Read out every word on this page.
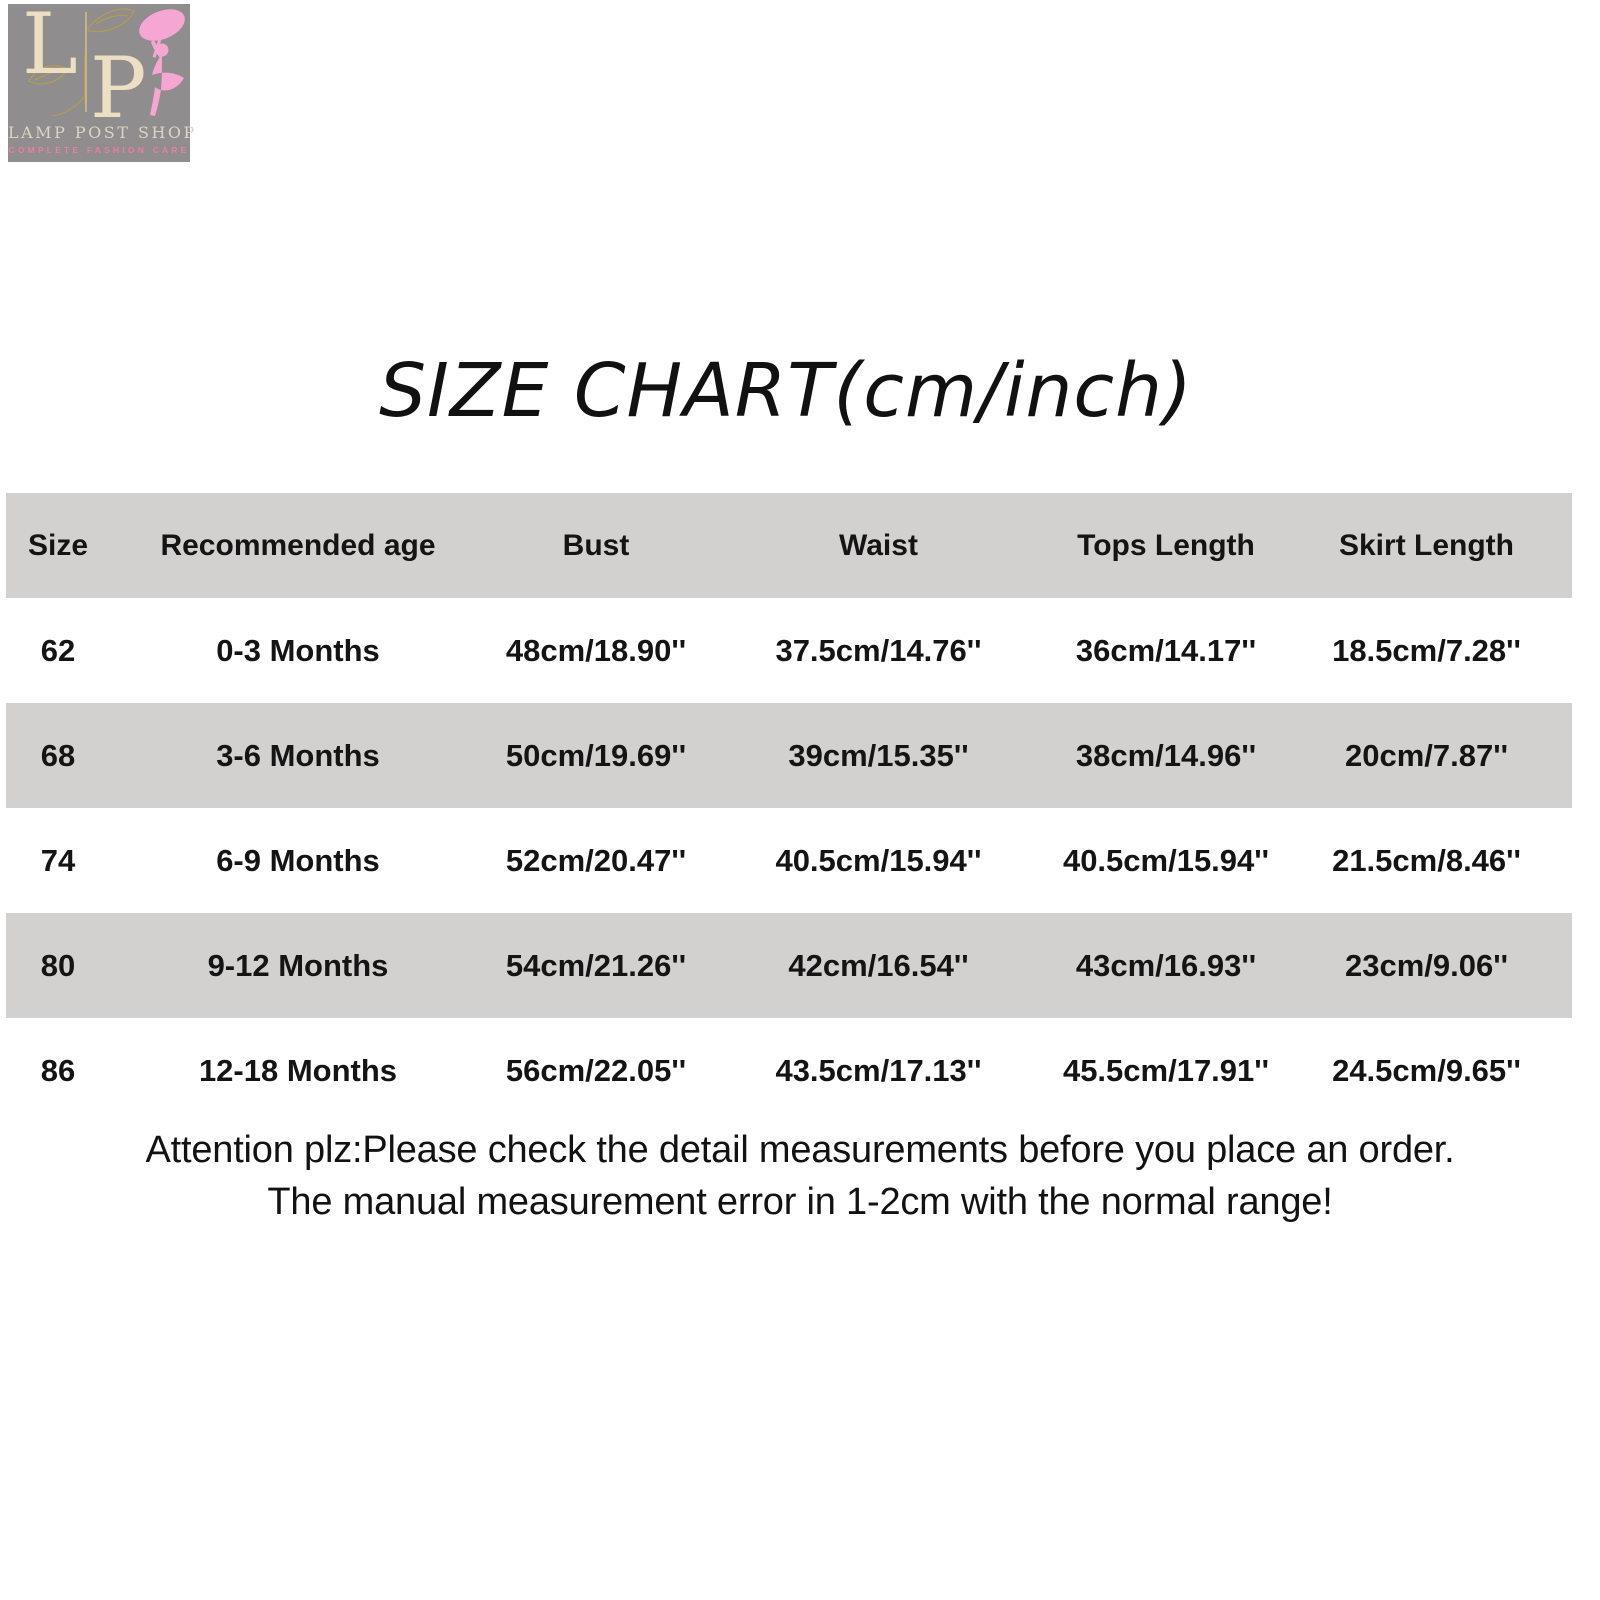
L P
LAMP POST SHOP
COMPLETE FASHION CARE
SIZE CHART(cm/inch)
Size	Recommended age	Bust	Waist	Tops Length	Skirt Length
62	0-3 Months	48cm/18.90''	37.5cm/14.76''	36cm/14.17''	18.5cm/7.28''
68	3-6 Months	50cm/19.69''	39cm/15.35''	38cm/14.96''	20cm/7.87''
74	6-9 Months	52cm/20.47''	40.5cm/15.94''	40.5cm/15.94''	21.5cm/8.46''
80	9-12 Months	54cm/21.26''	42cm/16.54''	43cm/16.93''	23cm/9.06''
86	12-18 Months	56cm/22.05''	43.5cm/17.13''	45.5cm/17.91''	24.5cm/9.65''
Attention plz:Please check the detail measurements before you place an order.
The manual measurement error in 1-2cm with the normal range!
